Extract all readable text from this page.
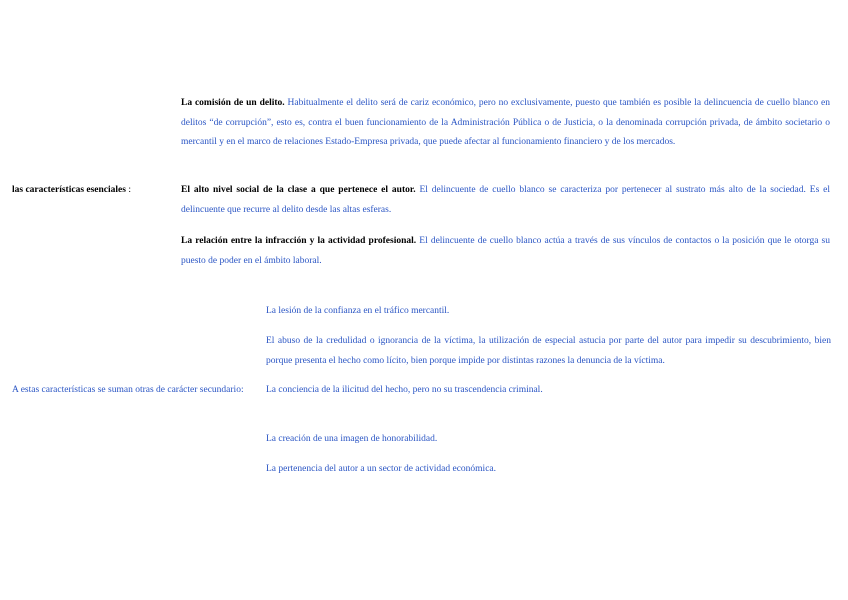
las características esenciales :
La comisión de un delito. Habitualmente el delito será de cariz económico, pero no exclusivamente, puesto que también es posible la delincuencia de cuello blanco en delitos “de corrupción”, esto es, contra el buen funcionamiento de la Administración Pública o de Justicia, o la denominada corrupción privada, de ámbito societario o mercantil y en el marco de relaciones Estado-Empresa privada, que puede afectar al funcionamiento financiero y de los mercados.
El alto nivel social de la clase a que pertenece el autor. El delincuente de cuello blanco se caracteriza por pertenecer al sustrato más alto de la sociedad. Es el delincuente que recurre al delito desde las altas esferas.
La relación entre la infracción y la actividad profesional. El delincuente de cuello blanco actúa a través de sus vínculos de contactos o la posición que le otorga su puesto de poder en el ámbito laboral.
A estas características se suman otras de carácter secundario:
La lesión de la confianza en el tráfico mercantil.
El abuso de la credulidad o ignorancia de la víctima, la utilización de especial astucia por parte del autor para impedir su descubrimiento, bien porque presenta el hecho como lícito, bien porque impide por distintas razones la denuncia de la víctima.
La conciencia de la ilicitud del hecho, pero no su trascendencia criminal.
La creación de una imagen de honorabilidad.
La pertenencia del autor a un sector de actividad económica.
